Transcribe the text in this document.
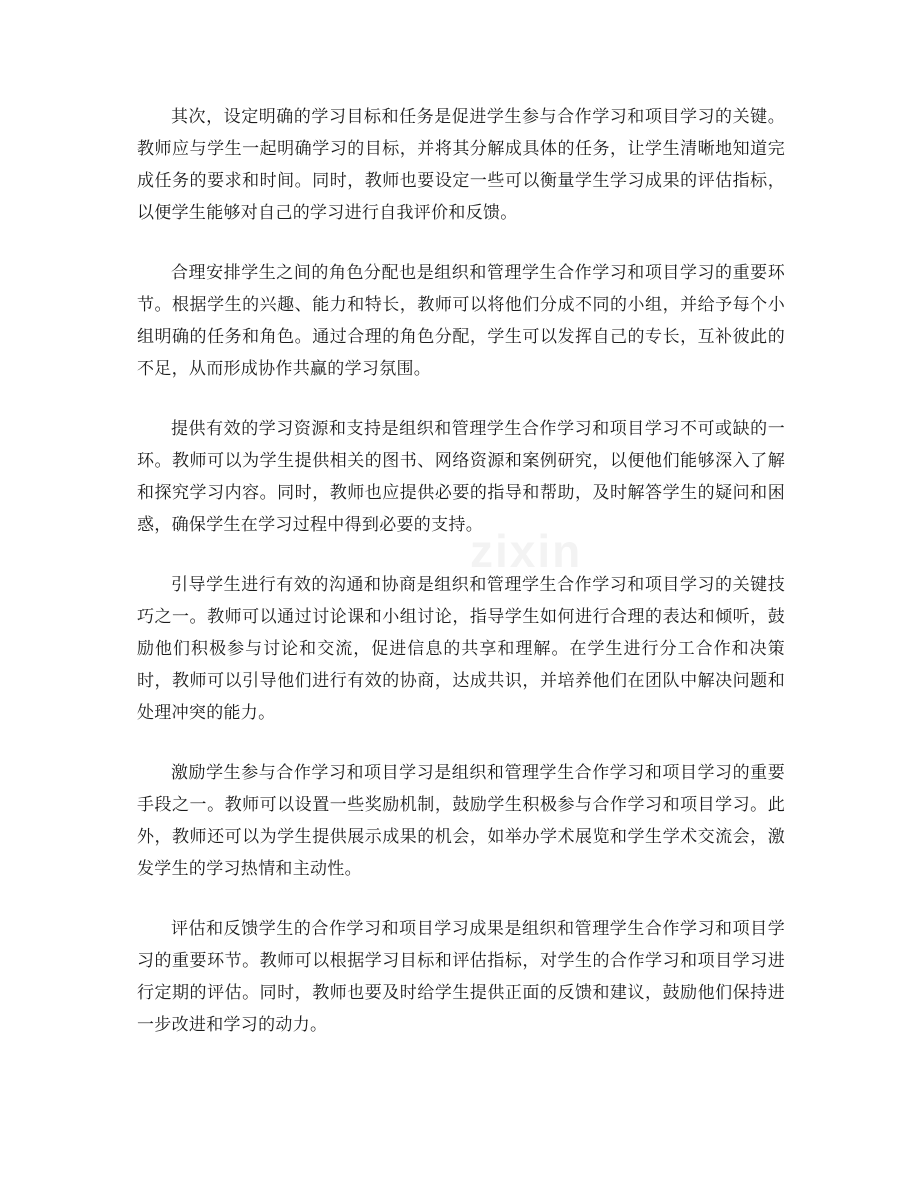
zixin

其次，设定明确的学习目标和任务是促进学生参与合作学习和项目学习的关键。教师应与学生一起明确学习的目标，并将其分解成具体的任务，让学生清晰地知道完成任务的要求和时间。同时，教师也要设定一些可以衡量学生学习成果的评估指标，以便学生能够对自己的学习进行自我评价和反馈。

合理安排学生之间的角色分配也是组织和管理学生合作学习和项目学习的重要环节。根据学生的兴趣、能力和特长，教师可以将他们分成不同的小组，并给予每个小组明确的任务和角色。通过合理的角色分配，学生可以发挥自己的专长，互补彼此的不足，从而形成协作共赢的学习氛围。

提供有效的学习资源和支持是组织和管理学生合作学习和项目学习不可或缺的一环。教师可以为学生提供相关的图书、网络资源和案例研究，以便他们能够深入了解和探究学习内容。同时，教师也应提供必要的指导和帮助，及时解答学生的疑问和困惑，确保学生在学习过程中得到必要的支持。

引导学生进行有效的沟通和协商是组织和管理学生合作学习和项目学习的关键技巧之一。教师可以通过讨论课和小组讨论，指导学生如何进行合理的表达和倾听，鼓励他们积极参与讨论和交流，促进信息的共享和理解。在学生进行分工合作和决策时，教师可以引导他们进行有效的协商，达成共识，并培养他们在团队中解决问题和处理冲突的能力。

激励学生参与合作学习和项目学习是组织和管理学生合作学习和项目学习的重要手段之一。教师可以设置一些奖励机制，鼓励学生积极参与合作学习和项目学习。此外，教师还可以为学生提供展示成果的机会，如举办学术展览和学生学术交流会，激发学生的学习热情和主动性。

评估和反馈学生的合作学习和项目学习成果是组织和管理学生合作学习和项目学习的重要环节。教师可以根据学习目标和评估指标，对学生的合作学习和项目学习进行定期的评估。同时，教师也要及时给学生提供正面的反馈和建议，鼓励他们保持进一步改进和学习的动力。
